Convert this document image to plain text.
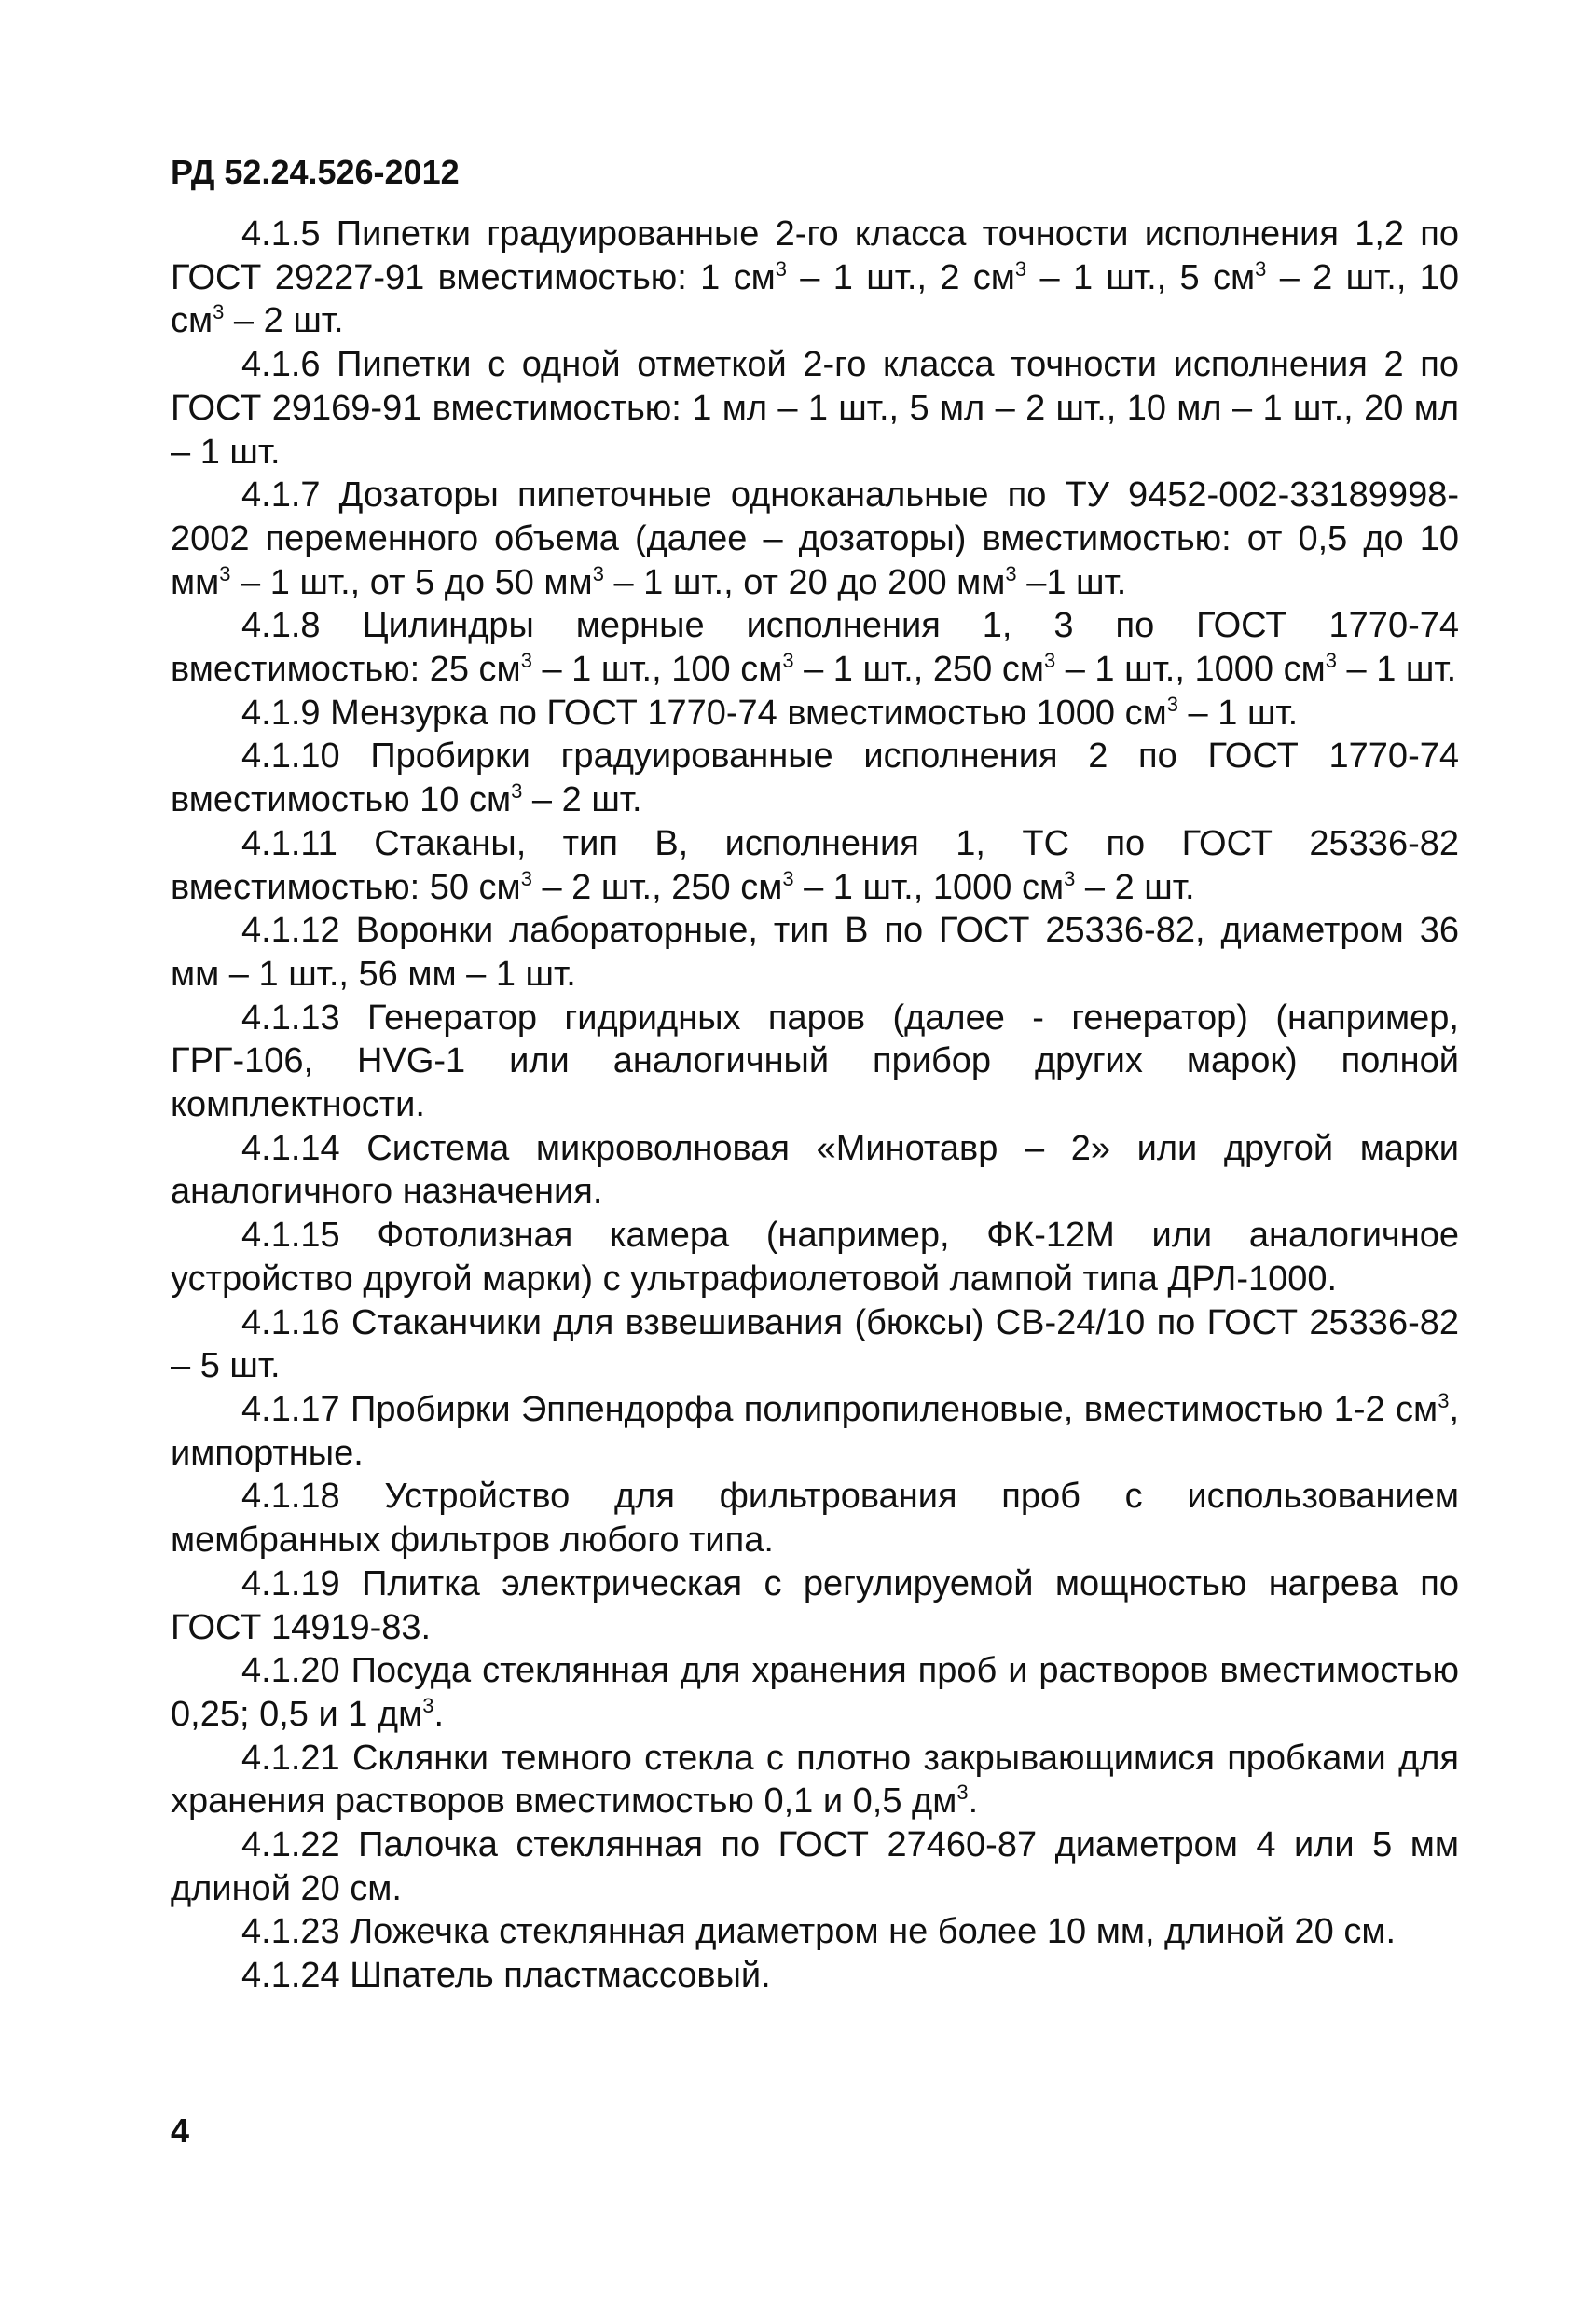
РД 52.24.526-2012

4.1.5 Пипетки градуированные 2-го класса точности исполнения 1,2 по ГОСТ 29227-91 вместимостью: 1 $см^3 - 1$ шт., 2 $см^3 - 1$ шт., 5 $см^3 - 2$ шт., 10 $см^3 - 2$ шт.

4.1.6 Пипетки с одной отметкой 2-го класса точности исполнения 2 по ГОСТ 29169-91 вместимостью: 1 мл – 1 шт., 5 мл – 2 шт., 10 мл – 1 шт., 20 мл – 1 шт.

4.1.7 Дозаторы пипеточные одноканальные по ТУ 9452-002-33189998-2002 переменного объема (далее – дозаторы) вместимостью: от 0,5 до 10 $мм^3 - 1$ шт., от 5 до 50 $мм^3 - 1$ шт., от 20 до 200 $мм^3$ –1 шт.

4.1.8 Цилиндры мерные исполнения 1, 3 по ГОСТ 1770-74 вместимостью: 25 $см^3 - 1$ шт., 100 $см^3 - 1$ шт., 250 $см^3 - 1$ шт., 1000 $см^3 - 1$ шт.

4.1.9 Мензурка по ГОСТ 1770-74 вместимостью 1000 $см^3 - 1$ шт.

4.1.10 Пробирки градуированные исполнения 2 по ГОСТ 1770-74 вместимостью 10 $см^3 - 2$ шт.

4.1.11 Стаканы, тип В, исполнения 1, ТС по ГОСТ 25336-82 вместимостью: 50 $см^3 - 2$ шт., 250 $см^3 - 1$ шт., 1000 $см^3 - 2$ шт.

4.1.12 Воронки лабораторные, тип В по ГОСТ 25336-82, диаметром 36 мм – 1 шт., 56 мм – 1 шт.

4.1.13 Генератор гидридных паров (далее - генератор) (например, ГРГ-106, HVG-1 или аналогичный прибор других марок) полной комплектности.

4.1.14 Система микроволновая «Минотавр – 2» или другой марки аналогичного назначения.

4.1.15 Фотолизная камера (например, ФК-12М или аналогичное устройство другой марки) с ультрафиолетовой лампой типа ДРЛ-1000.

4.1.16 Стаканчики для взвешивания (бюксы) СВ-24/10 по ГОСТ 25336-82 – 5 шт.

4.1.17 Пробирки Эппендорфа полипропиленовые, вместимостью 1-2 $см^3$, импортные.

4.1.18 Устройство для фильтрования проб с использованием мембранных фильтров любого типа.

4.1.19 Плитка электрическая с регулируемой мощностью нагрева по ГОСТ 14919-83.

4.1.20 Посуда стеклянная для хранения проб и растворов вместимостью 0,25; 0,5 и 1 $дм^3$.

4.1.21 Склянки темного стекла с плотно закрывающимися пробками для хранения растворов вместимостью 0,1 и 0,5 $дм^3$.

4.1.22 Палочка стеклянная по ГОСТ 27460-87 диаметром 4 или 5 мм длиной 20 см.

4.1.23 Ложечка стеклянная диаметром не более 10 мм, длиной 20 см.

4.1.24 Шпатель пластмассовый.

4
